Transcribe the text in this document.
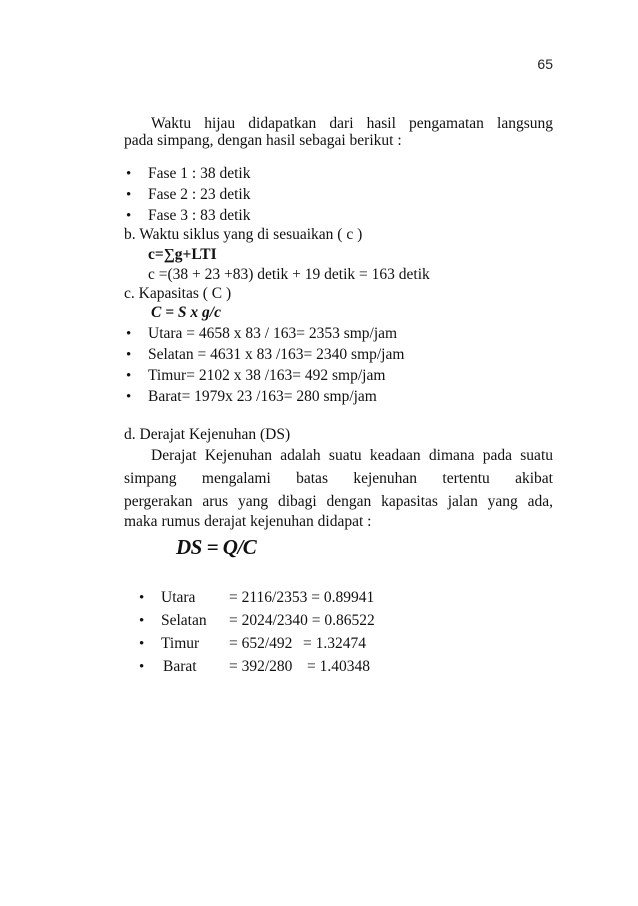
65
Waktu hijau didapatkan dari hasil pengamatan langsung
pada simpang, dengan hasil sebagai berikut :
• Fase 1 : 38 detik
• Fase 2 : 23 detik
• Fase 3 : 83 detik
b. Waktu siklus yang di sesuaikan ( c )
c=∑g+LTI
c =(38 + 23 +83) detik + 19 detik = 163 detik
c. Kapasitas ( C )
C = S x g/c
• Utara = 4658 x 83 / 163= 2353 smp/jam
• Selatan = 4631 x 83 /163= 2340 smp/jam
• Timur= 2102 x 38 /163= 492 smp/jam
• Barat= 1979x 23 /163= 280 smp/jam
d. Derajat Kejenuhan (DS)
Derajat Kejenuhan adalah suatu keadaan dimana pada suatu
simpang mengalami batas kejenuhan tertentu akibat
pergerakan arus yang dibagi dengan kapasitas jalan yang ada,
maka rumus derajat kejenuhan didapat :
DS = Q/C
• Utara = 2116/2353 = 0.89941
• Selatan = 2024/2340 = 0.86522
• Timur = 652/492 = 1.32474
• Barat = 392/280 = 1.40348
